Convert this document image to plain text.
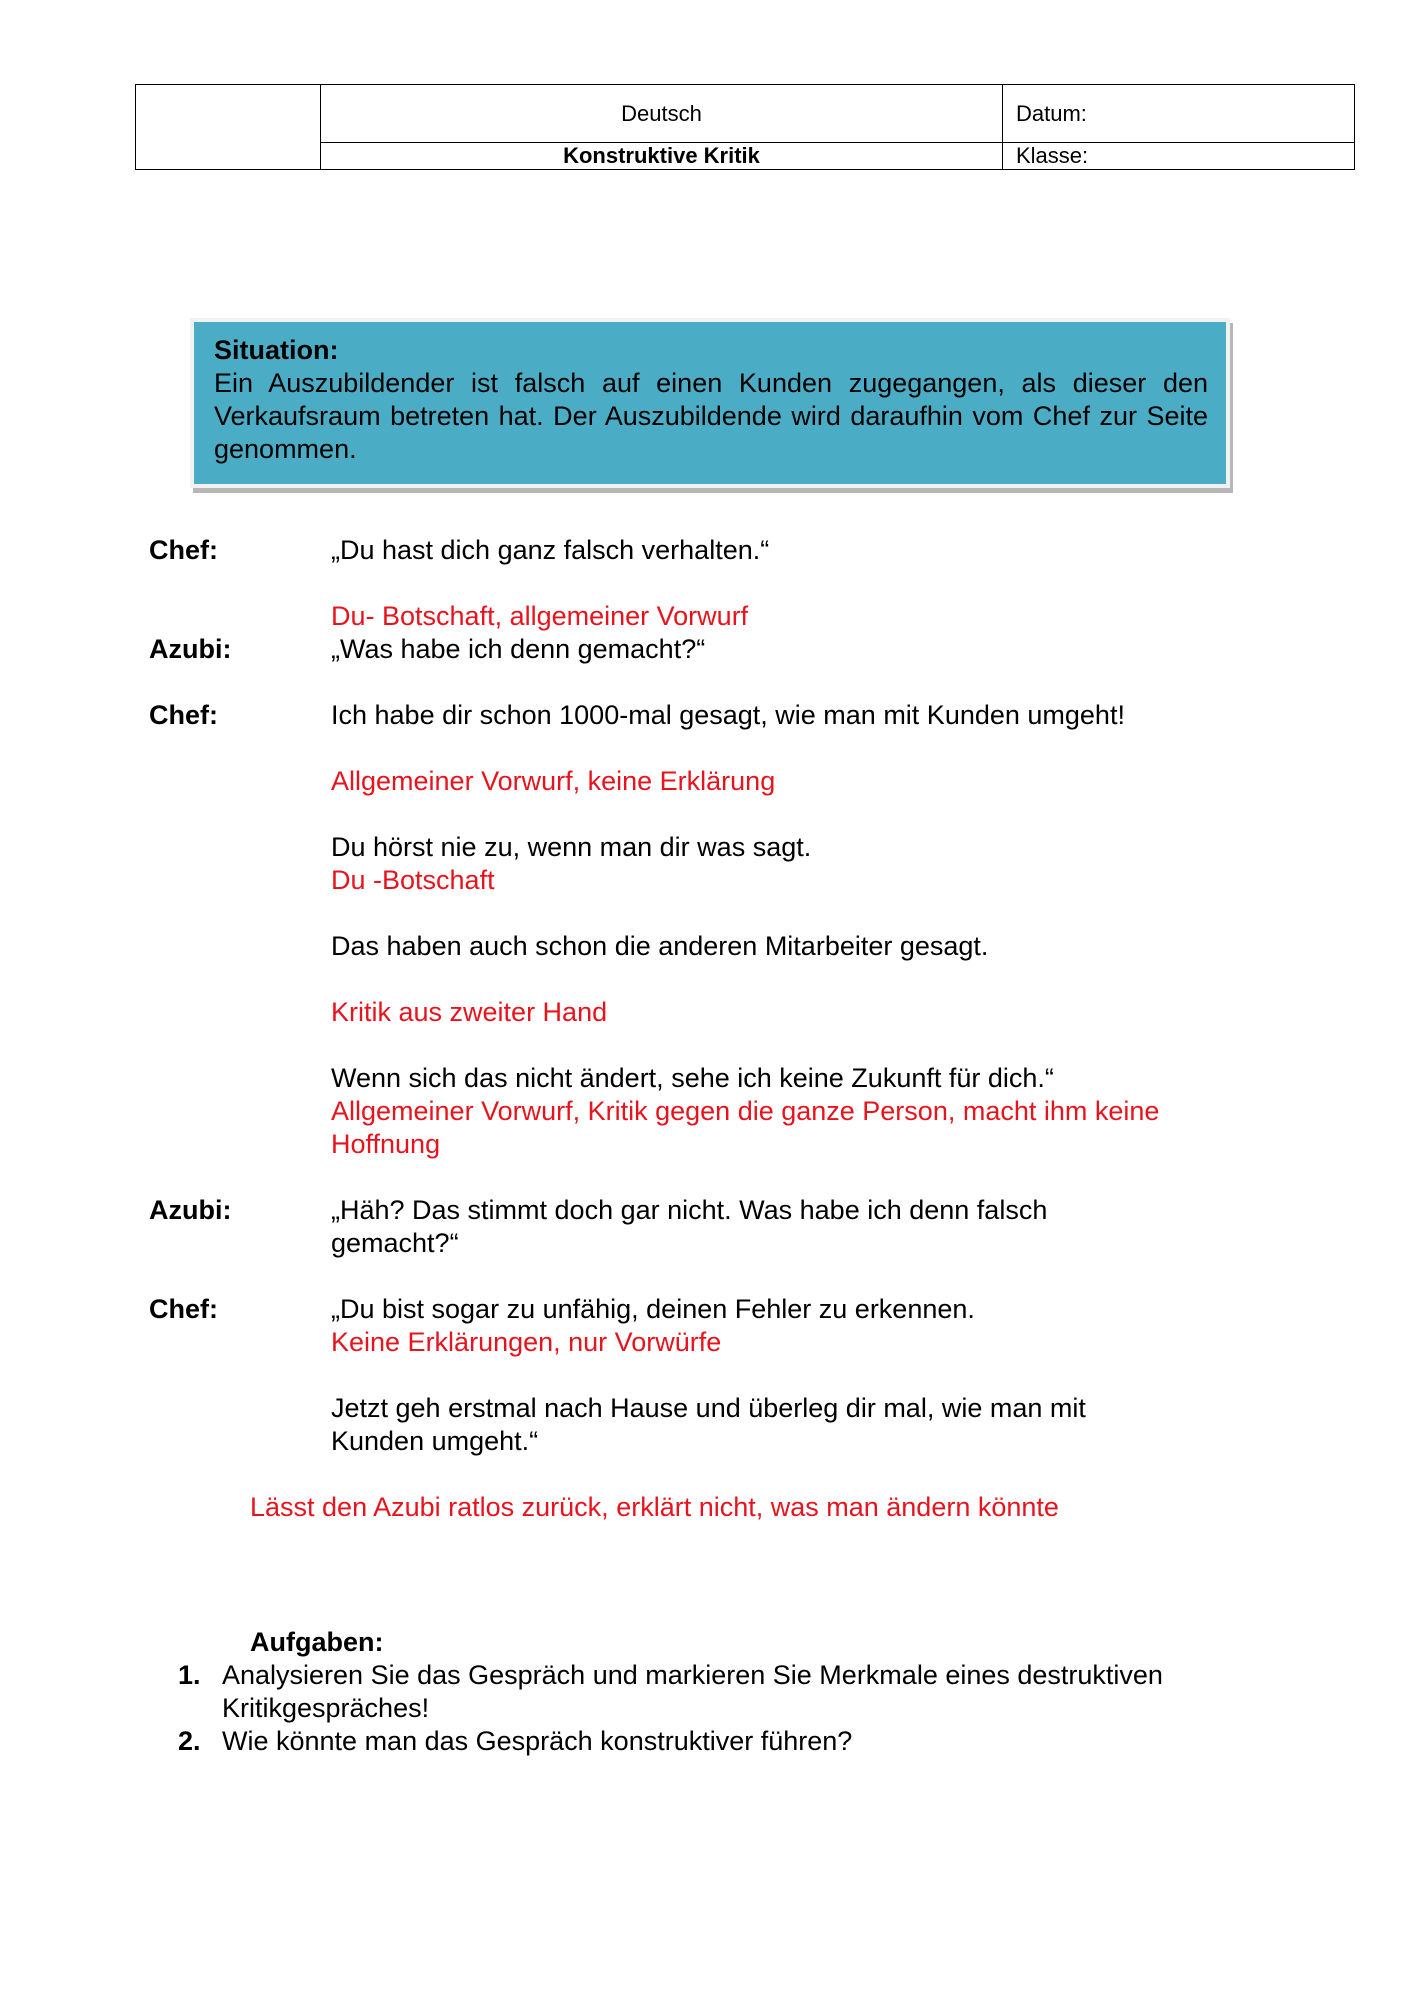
Deutsch	Datum:
Konstruktive Kritik	Klasse:
Situation:
Ein Auszubildender ist falsch auf einen Kunden zugegangen, als dieser den Verkaufsraum betreten hat. Der Auszubildende wird daraufhin vom Chef zur Seite genommen.
Chef:	„Du hast dich ganz falsch verhalten.“
Du- Botschaft, allgemeiner Vorwurf
Azubi:	„Was habe ich denn gemacht?“
Chef:	Ich habe dir schon 1000-mal gesagt, wie man mit Kunden umgeht!
Allgemeiner Vorwurf, keine Erklärung
Du hörst nie zu, wenn man dir was sagt.
Du -Botschaft
Das haben auch schon die anderen Mitarbeiter gesagt.
Kritik aus zweiter Hand
Wenn sich das nicht ändert, sehe ich keine Zukunft für dich.“
Allgemeiner Vorwurf, Kritik gegen die ganze Person, macht ihm keine
Hoffnung
Azubi:	„Häh? Das stimmt doch gar nicht. Was habe ich denn falsch
gemacht?“
Chef:	„Du bist sogar zu unfähig, deinen Fehler zu erkennen.
Keine Erklärungen, nur Vorwürfe
Jetzt geh erstmal nach Hause und überleg dir mal, wie man mit
Kunden umgeht.“
Lässt den Azubi ratlos zurück, erklärt nicht, was man ändern könnte
Aufgaben:
1. Analysieren Sie das Gespräch und markieren Sie Merkmale eines destruktiven Kritikgespräches!
2. Wie könnte man das Gespräch konstruktiver führen?
